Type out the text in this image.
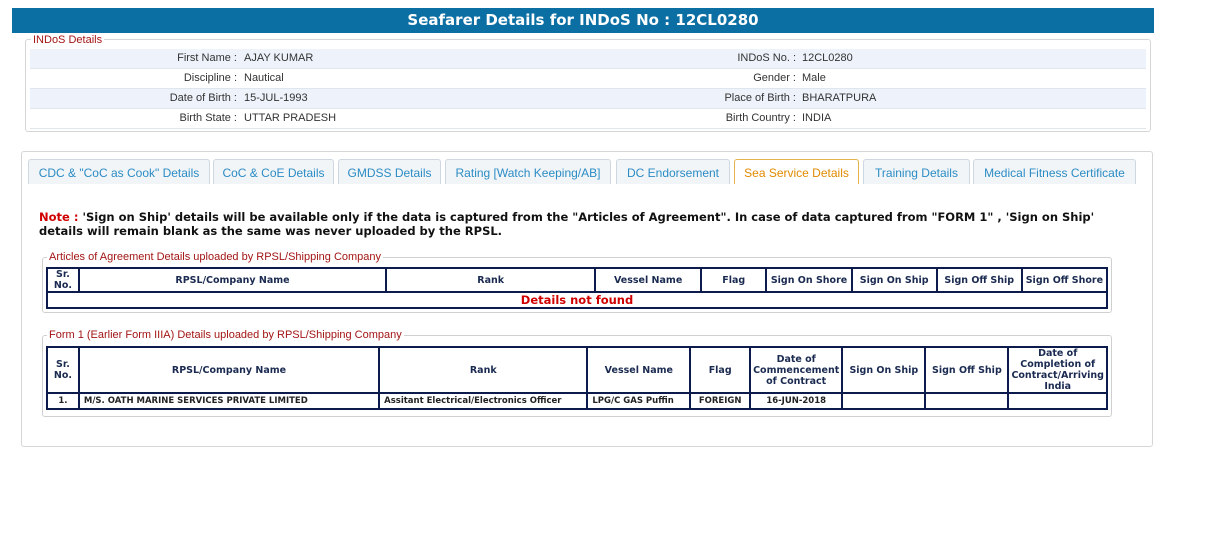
Seafarer Details for INDoS No : 12CL0280
INDoS Details
First Name : AJAY KUMAR	INDoS No. : 12CL0280
Discipline : Nautical	Gender : Male
Date of Birth : 15-JUL-1993	Place of Birth : BHARATPURA
Birth State : UTTAR PRADESH	Birth Country : INDIA
CDC & "CoC as Cook" Details	CoC & CoE Details	GMDSS Details	Rating [Watch Keeping/AB]	DC Endorsement	Sea Service Details	Training Details	Medical Fitness Certificate
Note : 'Sign on Ship' details will be available only if the data is captured from the "Articles of Agreement". In case of data captured from "FORM 1" , 'Sign on Ship' details will remain blank as the same was never uploaded by the RPSL.
Articles of Agreement Details uploaded by RPSL/Shipping Company
Sr. No.	RPSL/Company Name	Rank	Vessel Name	Flag	Sign On Shore	Sign On Ship	Sign Off Ship	Sign Off Shore
Details not found
Form 1 (Earlier Form IIIA) Details uploaded by RPSL/Shipping Company
Sr. No.	RPSL/Company Name	Rank	Vessel Name	Flag	Date of Commencement of Contract	Sign On Ship	Sign Off Ship	Date of Completion of Contract/Arriving India
1.	M/S. OATH MARINE SERVICES PRIVATE LIMITED	Assitant Electrical/Electronics Officer	LPG/C GAS Puffin	FOREIGN	16-JUN-2018			
